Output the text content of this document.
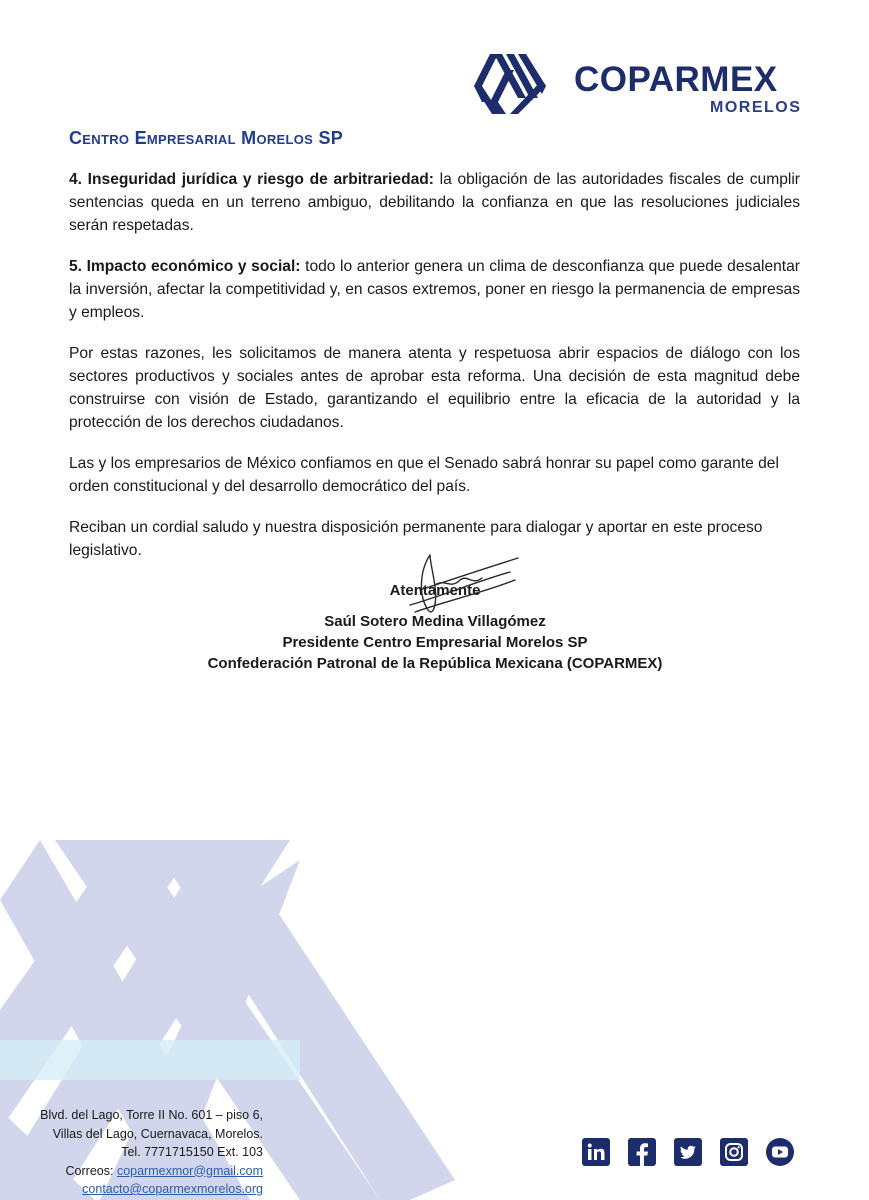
COPARMEX
MORELOS
Centro Empresarial Morelos SP

4. Inseguridad jurídica y riesgo de arbitrariedad: la obligación de las autoridades fiscales de cumplir sentencias queda en un terreno ambiguo, debilitando la confianza en que las resoluciones judiciales serán respetadas.

5. Impacto económico y social: todo lo anterior genera un clima de desconfianza que puede desalentar la inversión, afectar la competitividad y, en casos extremos, poner en riesgo la permanencia de empresas y empleos.

Por estas razones, les solicitamos de manera atenta y respetuosa abrir espacios de diálogo con los sectores productivos y sociales antes de aprobar esta reforma. Una decisión de esta magnitud debe construirse con visión de Estado, garantizando el equilibrio entre la eficacia de la autoridad y la protección de los derechos ciudadanos.

Las y los empresarios de México confiamos en que el Senado sabrá honrar su papel como garante del orden constitucional y del desarrollo democrático del país.

Reciban un cordial saludo y nuestra disposición permanente para dialogar y aportar en este proceso legislativo.

Atentamente
Saúl Sotero Medina Villagómez
Presidente Centro Empresarial Morelos SP
Confederación Patronal de la República Mexicana (COPARMEX)
Blvd. del Lago, Torre II No. 601 – piso 6,
Villas del Lago, Cuernavaca, Morelos.
Tel. 7771715150 Ext. 103
Correos: coparmexmor@gmail.com
contacto@coparmexmorelos.org
